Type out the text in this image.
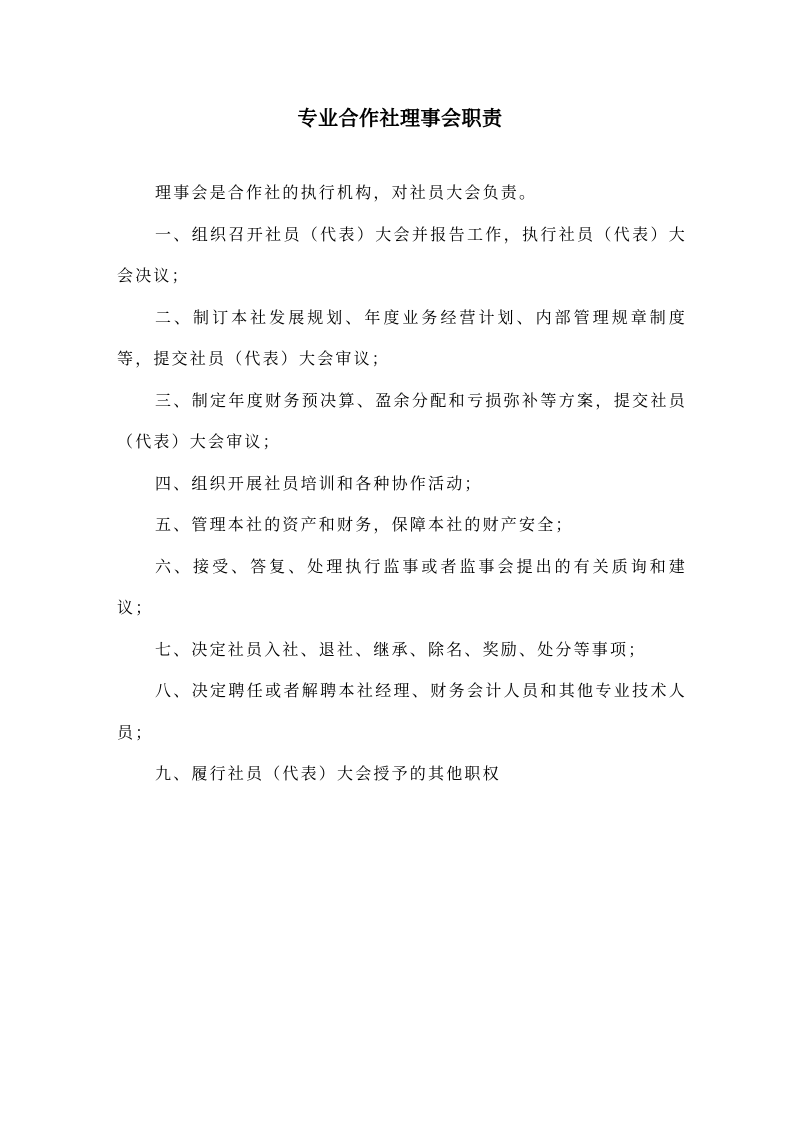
专业合作社理事会职责

理事会是合作社的执行机构，对社员大会负责。

一、组织召开社员（代表）大会并报告工作，执行社员（代表）大会决议；

二、制订本社发展规划、年度业务经营计划、内部管理规章制度等，提交社员（代表）大会审议；

三、制定年度财务预决算、盈余分配和亏损弥补等方案，提交社员（代表）大会审议；

四、组织开展社员培训和各种协作活动；

五、管理本社的资产和财务，保障本社的财产安全；

六、接受、答复、处理执行监事或者监事会提出的有关质询和建议；

七、决定社员入社、退社、继承、除名、奖励、处分等事项；

八、决定聘任或者解聘本社经理、财务会计人员和其他专业技术人员；

九、履行社员（代表）大会授予的其他职权
